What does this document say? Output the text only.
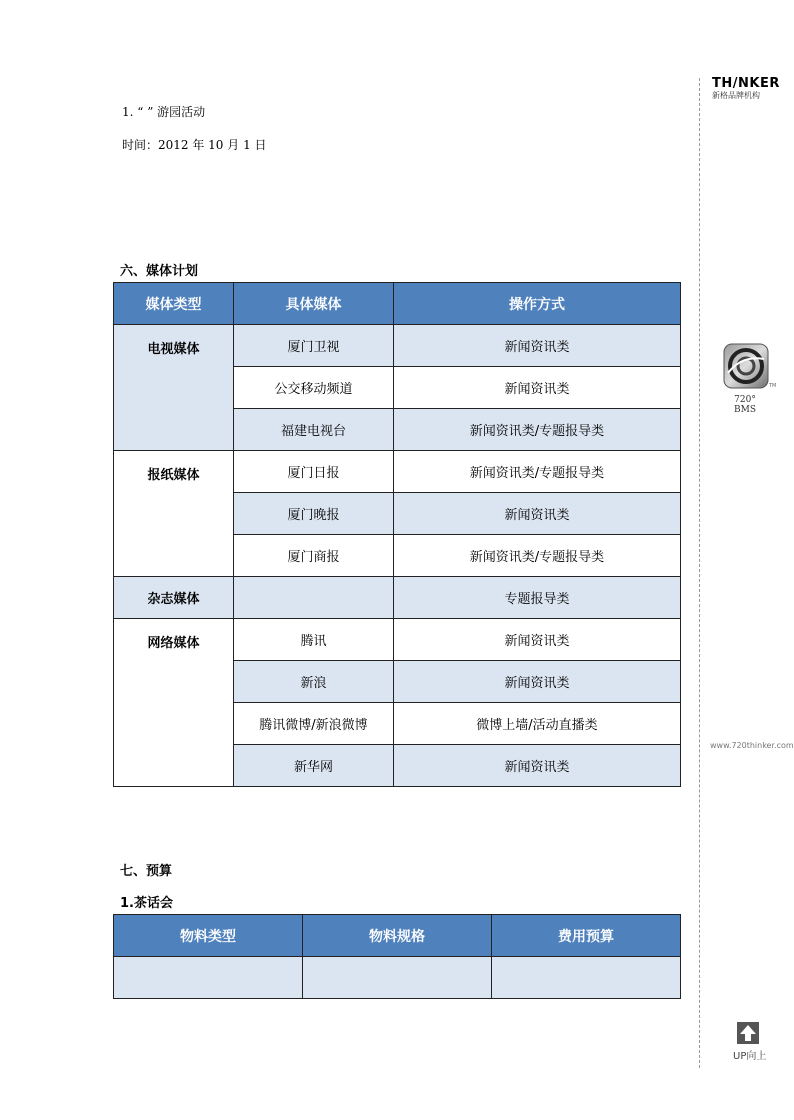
TH/NKER
新格品牌机构
TM
720° BMS
www.720thinker.com
UP向上

1. “ ” 游园活动

时间：2012 年 10 月 1 日

六、媒体计划

媒体类型	具体媒体	操作方式
电视媒体	厦门卫视	新闻资讯类
	公交移动频道	新闻资讯类
	福建电视台	新闻资讯类/专题报导类
报纸媒体	厦门日报	新闻资讯类/专题报导类
	厦门晚报	新闻资讯类
	厦门商报	新闻资讯类/专题报导类
杂志媒体		专题报导类
网络媒体	腾讯	新闻资讯类
	新浪	新闻资讯类
	腾讯微博/新浪微博	微博上墙/活动直播类
	新华网	新闻资讯类

七、预算

1.茶话会

物料类型	物料规格	费用预算
